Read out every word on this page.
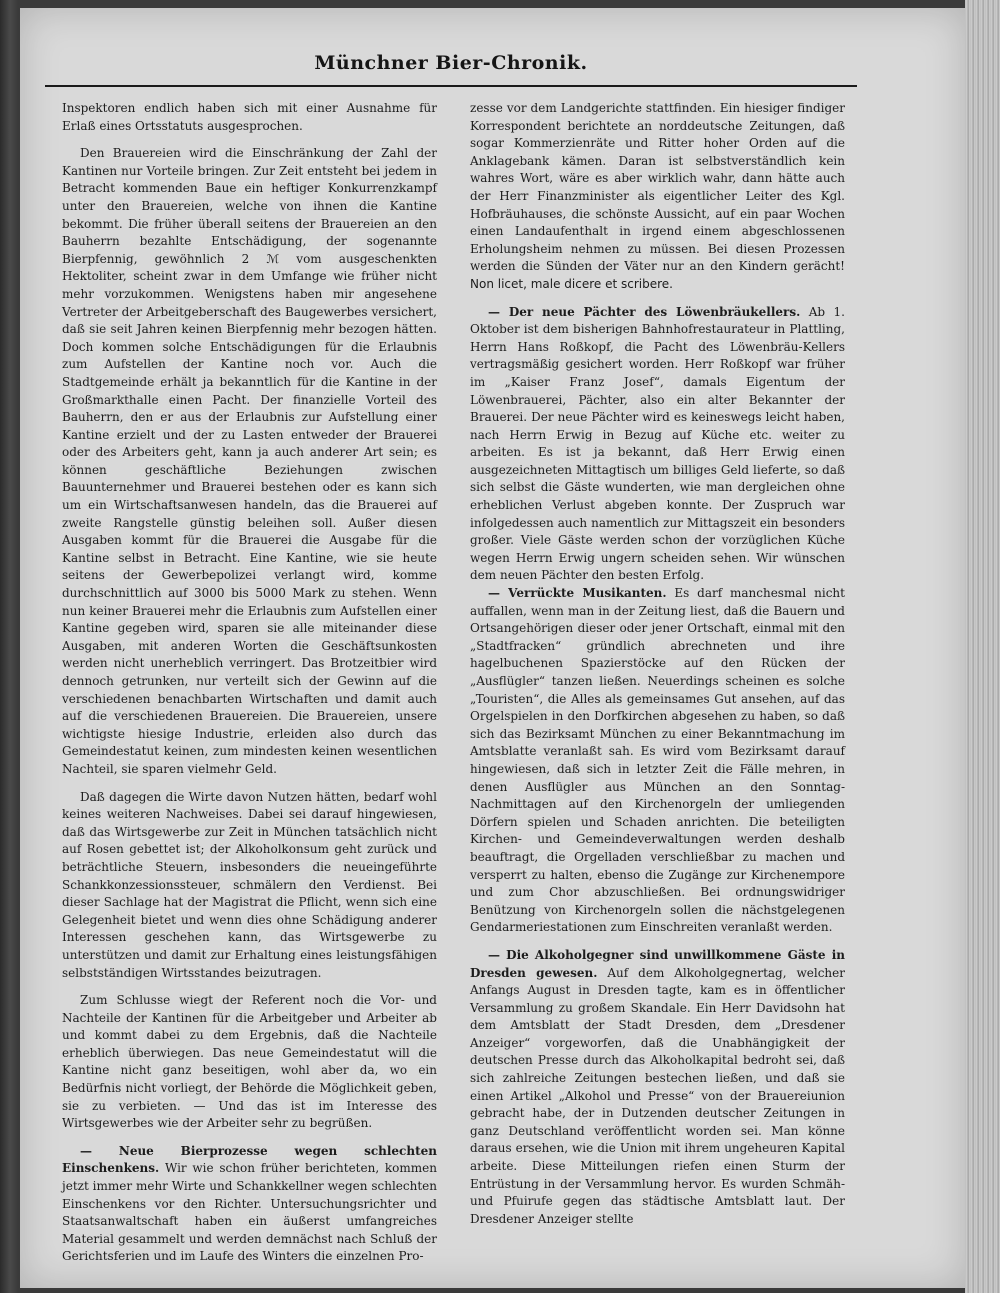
Münchner Bier-Chronik.

Inspektoren endlich haben sich mit einer Ausnahme für Erlaß eines Ortsstatuts ausgesprochen.

Den Brauereien wird die Einschränkung der Zahl der Kantinen nur Vorteile bringen. Zur Zeit entsteht bei jedem in Betracht kommenden Baue ein heftiger Konkurrenzkampf unter den Brauereien, welche von ihnen die Kantine bekommt. Die früher überall seitens der Brauereien an den Bauherrn bezahlte Entschädigung, der sogenannte Bierpfennig, gewöhnlich 2 ℳ vom ausgeschenkten Hektoliter, scheint zwar in dem Umfange wie früher nicht mehr vorzukommen. Wenigstens haben mir angesehene Vertreter der Arbeitgeberschaft des Baugewerbes versichert, daß sie seit Jahren keinen Bierpfennig mehr bezogen hätten. Doch kommen solche Entschädigungen für die Erlaubnis zum Aufstellen der Kantine noch vor. Auch die Stadtgemeinde erhält ja bekanntlich für die Kantine in der Großmarkthalle einen Pacht. Der finanzielle Vorteil des Bauherrn, den er aus der Erlaubnis zur Aufstellung einer Kantine erzielt und der zu Lasten entweder der Brauerei oder des Arbeiters geht, kann ja auch anderer Art sein; es können geschäftliche Beziehungen zwischen Bauunternehmer und Brauerei bestehen oder es kann sich um ein Wirtschaftsanwesen handeln, das die Brauerei auf zweite Rangstelle günstig beleihen soll. Außer diesen Ausgaben kommt für die Brauerei die Ausgabe für die Kantine selbst in Betracht. Eine Kantine, wie sie heute seitens der Gewerbepolizei verlangt wird, komme durchschnittlich auf 3000 bis 5000 Mark zu stehen. Wenn nun keiner Brauerei mehr die Erlaubnis zum Aufstellen einer Kantine gegeben wird, sparen sie alle miteinander diese Ausgaben, mit anderen Worten die Geschäftsunkosten werden nicht unerheblich verringert. Das Brotzeitbier wird dennoch getrunken, nur verteilt sich der Gewinn auf die verschiedenen benachbarten Wirtschaften und damit auch auf die verschiedenen Brauereien. Die Brauereien, unsere wichtigste hiesige Industrie, erleiden also durch das Gemeindestatut keinen, zum mindesten keinen wesentlichen Nachteil, sie sparen vielmehr Geld.

Daß dagegen die Wirte davon Nutzen hätten, bedarf wohl keines weiteren Nachweises. Dabei sei darauf hingewiesen, daß das Wirtsgewerbe zur Zeit in München tatsächlich nicht auf Rosen gebettet ist; der Alkoholkonsum geht zurück und beträchtliche Steuern, insbesonders die neueingeführte Schankkonzessionssteuer, schmälern den Verdienst. Bei dieser Sachlage hat der Magistrat die Pflicht, wenn sich eine Gelegenheit bietet und wenn dies ohne Schädigung anderer Interessen geschehen kann, das Wirtsgewerbe zu unterstützen und damit zur Erhaltung eines leistungsfähigen selbstständigen Wirtsstandes beizutragen.

Zum Schlusse wiegt der Referent noch die Vor- und Nachteile der Kantinen für die Arbeitgeber und Arbeiter ab und kommt dabei zu dem Ergebnis, daß die Nachteile erheblich überwiegen. Das neue Gemeindestatut will die Kantine nicht ganz beseitigen, wohl aber da, wo ein Bedürfnis nicht vorliegt, der Behörde die Möglichkeit geben, sie zu verbieten. — Und das ist im Interesse des Wirtsgewerbes wie der Arbeiter sehr zu begrüßen.

— Neue Bierprozesse wegen schlechten Einschenkens. Wir wie schon früher berichteten, kommen jetzt immer mehr Wirte und Schankkellner wegen schlechten Einschenkens vor den Richter. Untersuchungsrichter und Staatsanwaltschaft haben ein äußerst umfangreiches Material gesammelt und werden demnächst nach Schluß der Gerichtsferien und im Laufe des Winters die einzelnen Pro-

zesse vor dem Landgerichte stattfinden. Ein hiesiger findiger Korrespondent berichtete an norddeutsche Zeitungen, daß sogar Kommerzienräte und Ritter hoher Orden auf die Anklagebank kämen. Daran ist selbstverständlich kein wahres Wort, wäre es aber wirklich wahr, dann hätte auch der Herr Finanzminister als eigentlicher Leiter des Kgl. Hofbräuhauses, die schönste Aussicht, auf ein paar Wochen einen Landaufenthalt in irgend einem abgeschlossenen Erholungsheim nehmen zu müssen. Bei diesen Prozessen werden die Sünden der Väter nur an den Kindern gerächt! Non licet, male dicere et scribere.

— Der neue Pächter des Löwenbräukellers. Ab 1. Oktober ist dem bisherigen Bahnhofrestaurateur in Plattling, Herrn Hans Roßkopf, die Pacht des Löwenbräu-Kellers vertragsmäßig gesichert worden. Herr Roßkopf war früher im „Kaiser Franz Josef“, damals Eigentum der Löwenbrauerei, Pächter, also ein alter Bekannter der Brauerei. Der neue Pächter wird es keineswegs leicht haben, nach Herrn Erwig in Bezug auf Küche etc. weiter zu arbeiten. Es ist ja bekannt, daß Herr Erwig einen ausgezeichneten Mittagtisch um billiges Geld lieferte, so daß sich selbst die Gäste wunderten, wie man dergleichen ohne erheblichen Verlust abgeben konnte. Der Zuspruch war infolgedessen auch namentlich zur Mittagszeit ein besonders großer. Viele Gäste werden schon der vorzüglichen Küche wegen Herrn Erwig ungern scheiden sehen. Wir wünschen dem neuen Pächter den besten Erfolg.

— Verrückte Musikanten. Es darf manchesmal nicht auffallen, wenn man in der Zeitung liest, daß die Bauern und Ortsangehörigen dieser oder jener Ortschaft, einmal mit den „Stadtfracken“ gründlich abrechneten und ihre hagelbuchenen Spazierstöcke auf den Rücken der „Ausflügler“ tanzen ließen. Neuerdings scheinen es solche „Touristen“, die Alles als gemeinsames Gut ansehen, auf das Orgelspielen in den Dorfkirchen abgesehen zu haben, so daß sich das Bezirksamt München zu einer Bekanntmachung im Amtsblatte veranlaßt sah. Es wird vom Bezirksamt darauf hingewiesen, daß sich in letzter Zeit die Fälle mehren, in denen Ausflügler aus München an den Sonntag-Nachmittagen auf den Kirchenorgeln der umliegenden Dörfern spielen und Schaden anrichten. Die beteiligten Kirchen- und Gemeindeverwaltungen werden deshalb beauftragt, die Orgelladen verschließbar zu machen und versperrt zu halten, ebenso die Zugänge zur Kirchenempore und zum Chor abzuschließen. Bei ordnungswidriger Benützung von Kirchenorgeln sollen die nächstgelegenen Gendarmeriestationen zum Einschreiten veranlaßt werden.

— Die Alkoholgegner sind unwillkommene Gäste in Dresden gewesen. Auf dem Alkoholgegnertag, welcher Anfangs August in Dresden tagte, kam es in öffentlicher Versammlung zu großem Skandale. Ein Herr Davidsohn hat dem Amtsblatt der Stadt Dresden, dem „Dresdener Anzeiger“ vorgeworfen, daß die Unabhängigkeit der deutschen Presse durch das Alkoholkapital bedroht sei, daß sich zahlreiche Zeitungen bestechen ließen, und daß sie einen Artikel „Alkohol und Presse“ von der Brauereiunion gebracht habe, der in Dutzenden deutscher Zeitungen in ganz Deutschland veröffentlicht worden sei. Man könne daraus ersehen, wie die Union mit ihrem ungeheuren Kapital arbeite. Diese Mitteilungen riefen einen Sturm der Entrüstung in der Versammlung hervor. Es wurden Schmäh- und Pfuirufe gegen das städtische Amtsblatt laut. Der Dresdener Anzeiger stellte
